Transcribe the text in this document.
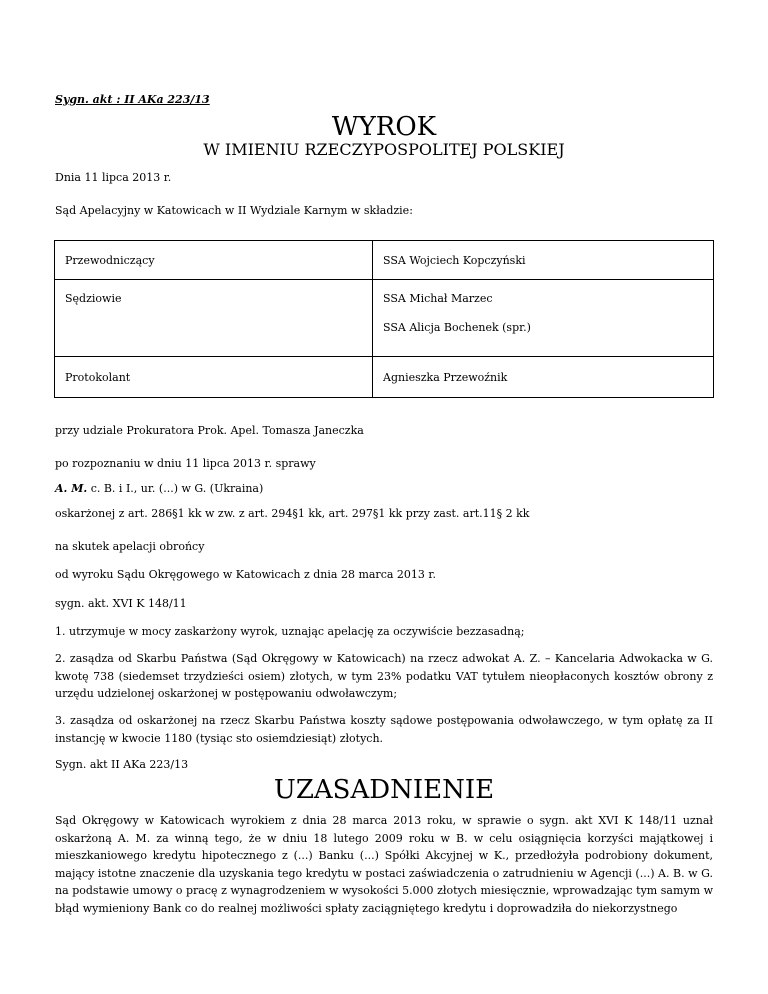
Sygn. akt : II AKa 223/13
WYROK
W IMIENIU RZECZYPOSPOLITEJ POLSKIEJ
Dnia 11 lipca 2013 r.
Sąd Apelacyjny w Katowicach w II Wydziale Karnym w składzie:
Przewodniczący	SSA Wojciech Kopczyński

Sędziowie	SSA Michał Marzec
SSA Alicja Bochenek (spr.)

Protokolant	Agnieszka Przewoźnik
przy udziale Prokuratora Prok. Apel. Tomasza Janeczka
po rozpoznaniu w dniu 11 lipca 2013 r. sprawy
A. M. c. B. i I., ur. (...) w G. (Ukraina)
oskarżonej z art. 286§1 kk w zw. z art. 294§1 kk, art. 297§1 kk przy zast. art.11§ 2 kk
na skutek apelacji obrońcy
od wyroku Sądu Okręgowego w Katowicach z dnia 28 marca 2013 r.
sygn. akt. XVI K 148/11
1. utrzymuje w mocy zaskarżony wyrok, uznając apelację za oczywiście bezzasadną;
2. zasądza od Skarbu Państwa (Sąd Okręgowy w Katowicach) na rzecz adwokat A. Z. – Kancelaria Adwokacka w G. kwotę 738 (siedemset trzydzieści osiem) złotych, w tym 23% podatku VAT tytułem nieopłaconych kosztów obrony z urzędu udzielonej oskarżonej w postępowaniu odwoławczym;
3. zasądza od oskarżonej na rzecz Skarbu Państwa koszty sądowe postępowania odwoławczego, w tym opłatę za II instancję w kwocie 1180 (tysiąc sto osiemdziesiąt) złotych.
Sygn. akt II AKa 223/13
UZASADNIENIE
Sąd Okręgowy w Katowicach wyrokiem z dnia 28 marca 2013 roku, w sprawie o sygn. akt XVI K 148/11 uznał oskarżoną A. M. za winną tego, że w dniu 18 lutego 2009 roku w B. w celu osiągnięcia korzyści majątkowej i mieszkaniowego kredytu hipotecznego z (...) Banku (...) Spółki Akcyjnej w K., przedłożyła podrobiony dokument, mający istotne znaczenie dla uzyskania tego kredytu w postaci zaświadczenia o zatrudnieniu w Agencji (...) A. B. w G. na podstawie umowy o pracę z wynagrodzeniem w wysokości 5.000 złotych miesięcznie, wprowadzając tym samym w błąd wymieniony Bank co do realnej możliwości spłaty zaciągniętego kredytu i doprowadziła do niekorzystnego
